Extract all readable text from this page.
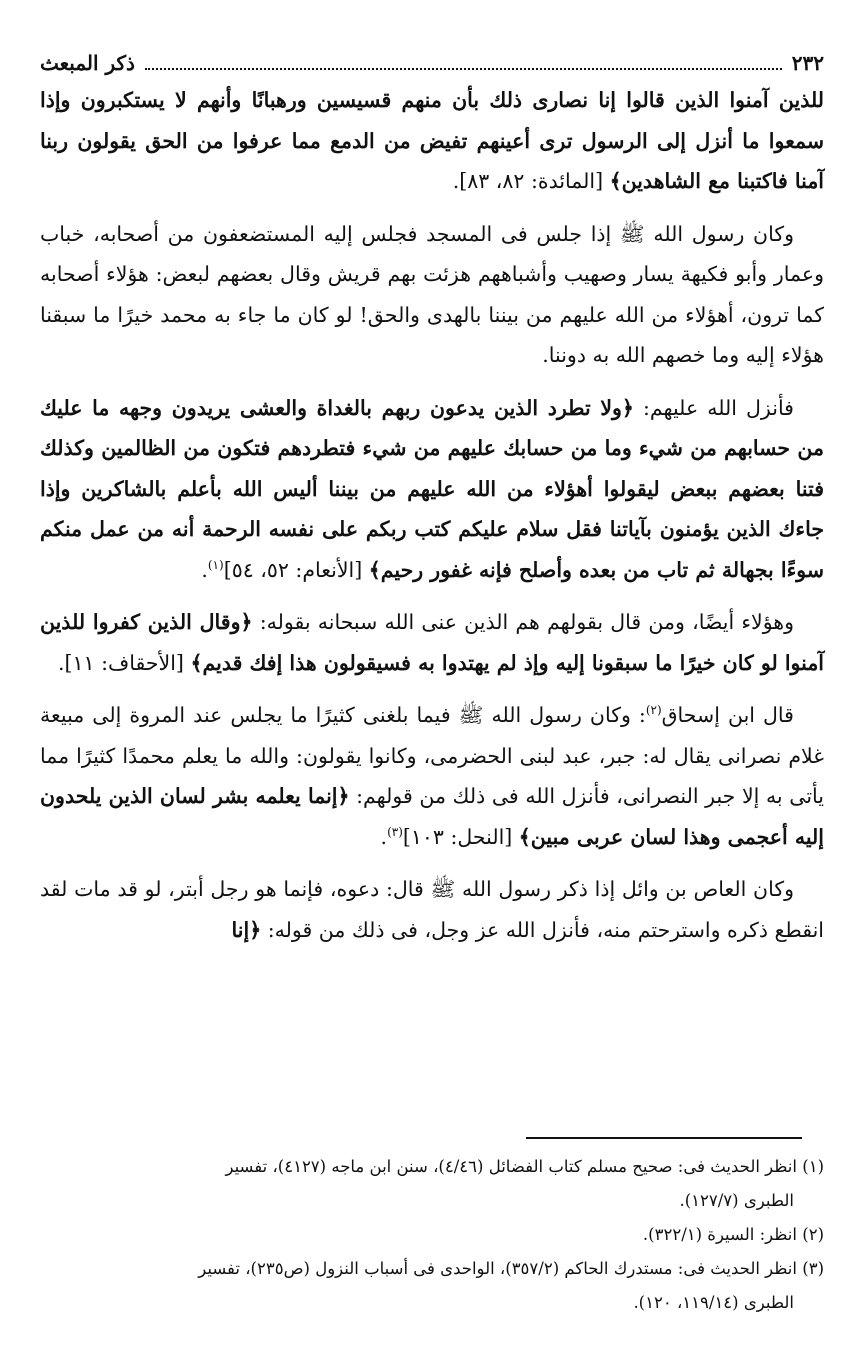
٢٣٢
ذكر المبعث

للذين آمنوا الذين قالوا إنا نصارى ذلك بأن منهم قسيسين ورهبانًا وأنهم لا يستكبرون وإذا سمعوا ما أنزل إلى الرسول ترى أعينهم تفيض من الدمع مما عرفوا من الحق يقولون ربنا آمنا فاكتبنا مع الشاهدين﴾ [المائدة: ٨٢، ٨٣].

وكان رسول الله ﷺ إذا جلس فى المسجد فجلس إليه المستضعفون من أصحابه، خباب وعمار وأبو فكيهة يسار وصهيب وأشباههم هزئت بهم قريش وقال بعضهم لبعض: هؤلاء أصحابه كما ترون، أهؤلاء من الله عليهم من بيننا بالهدى والحق! لو كان ما جاء به محمد خيرًا ما سبقنا هؤلاء إليه وما خصهم الله به دوننا.

فأنزل الله عليهم: ﴿ولا تطرد الذين يدعون ربهم بالغداة والعشى يريدون وجهه ما عليك من حسابهم من شيء وما من حسابك عليهم من شيء فتطردهم فتكون من الظالمين وكذلك فتنا بعضهم ببعض ليقولوا أهؤلاء من الله عليهم من بيننا أليس الله بأعلم بالشاكرين وإذا جاءك الذين يؤمنون بآياتنا فقل سلام عليكم كتب ربكم على نفسه الرحمة أنه من عمل منكم سوءًا بجهالة ثم تاب من بعده وأصلح فإنه غفور رحيم﴾ [الأنعام: ٥٢، ٥٤]$^{(١)}$.

وهؤلاء أيضًا، ومن قال بقولهم هم الذين عنى الله سبحانه بقوله: ﴿وقال الذين كفروا للذين آمنوا لو كان خيرًا ما سبقونا إليه وإذ لم يهتدوا به فسيقولون هذا إفك قديم﴾ [الأحقاف: ١١].

قال ابن إسحاق$^{(٢)}$: وكان رسول الله ﷺ فيما بلغنى كثيرًا ما يجلس عند المروة إلى مبيعة غلام نصرانى يقال له: جبر، عبد لبنى الحضرمى، وكانوا يقولون: والله ما يعلم محمدًا كثيرًا مما يأتى به إلا جبر النصرانى، فأنزل الله فى ذلك من قولهم: ﴿إنما يعلمه بشر لسان الذين يلحدون إليه أعجمى وهذا لسان عربى مبين﴾ [النحل: ١٠٣]$^{(٣)}$.

وكان العاص بن وائل إذا ذكر رسول الله ﷺ قال: دعوه، فإنما هو رجل أبتر، لو قد مات لقد انقطع ذكره واسترحتم منه، فأنزل الله عز وجل، فى ذلك من قوله: ﴿إنا

(١) انظر الحديث فى: صحيح مسلم كتاب الفضائل (٤/٤٦)، سنن ابن ماجه (٤١٢٧)، تفسير
الطبرى (١٢٧/٧).
(٢) انظر: السيرة (٣٢٢/١).
(٣) انظر الحديث فى: مستدرك الحاكم (٣٥٧/٢)، الواحدى فى أسباب النزول (ص٢٣٥)، تفسير
الطبرى (١١٩/١٤، ١٢٠).
